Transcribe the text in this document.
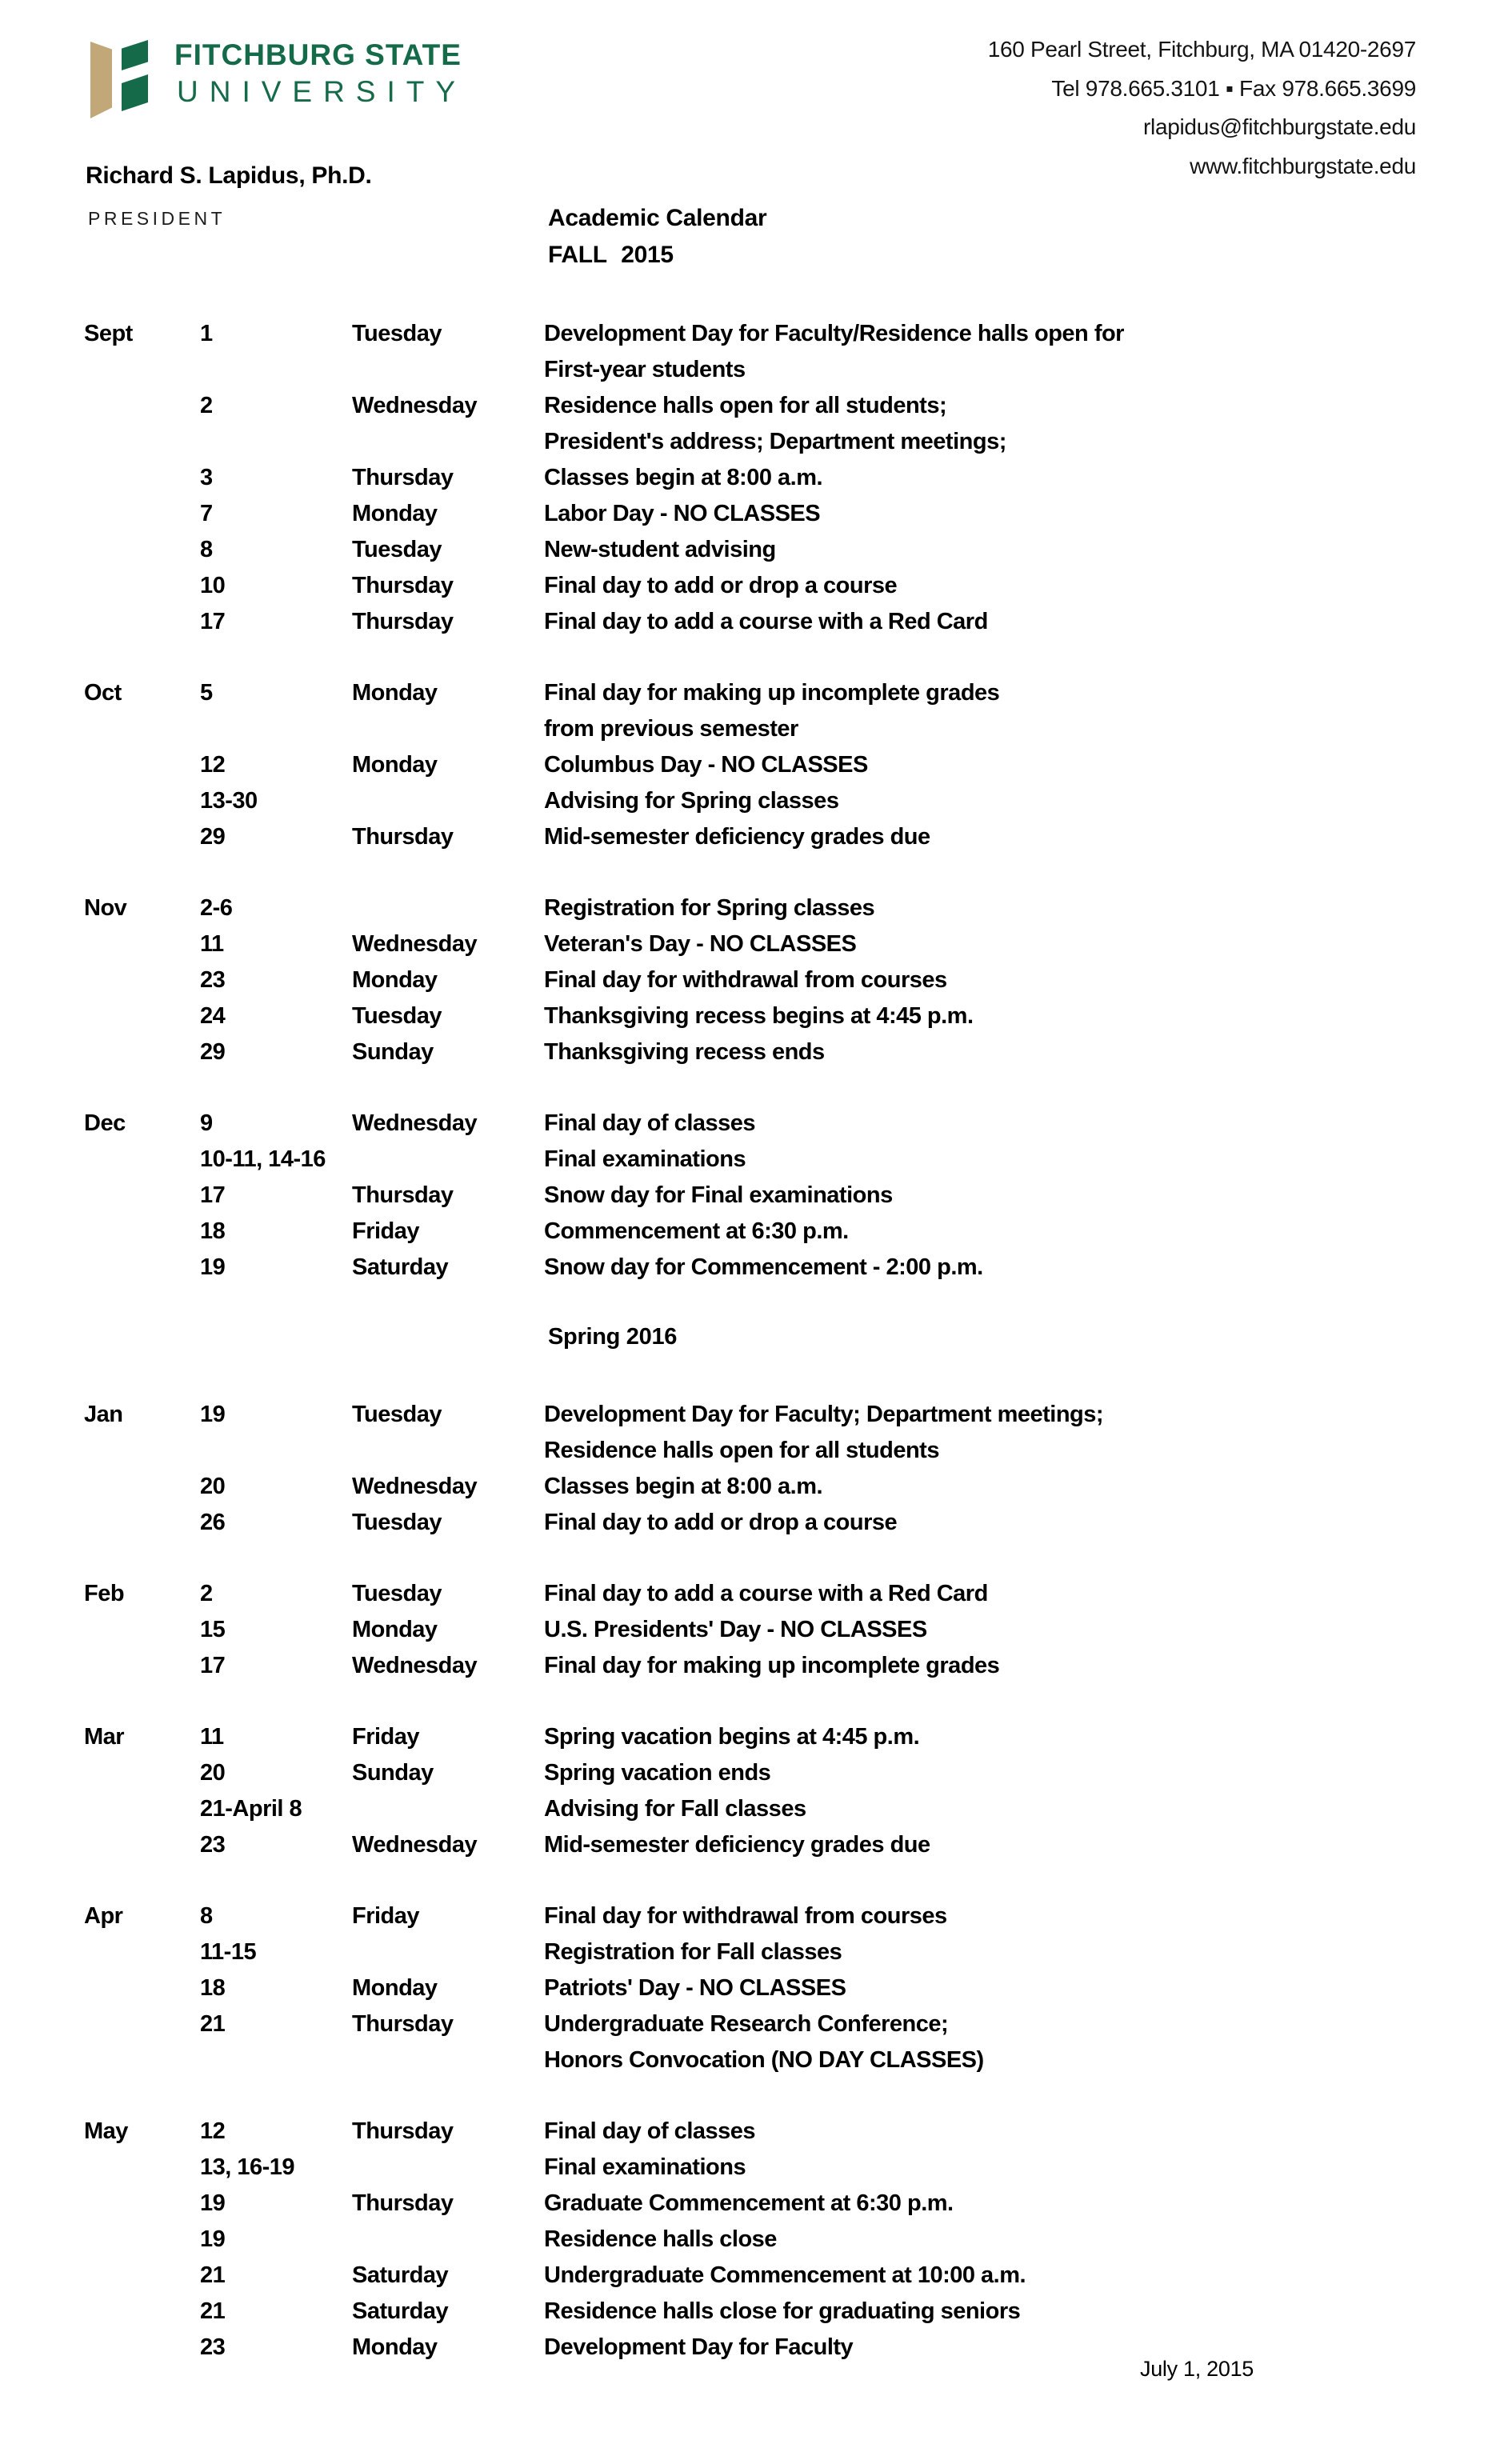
FITCHBURG STATE
UNIVERSITY
160 Pearl Street, Fitchburg, MA 01420-2697
Tel 978.665.3101 ▪ Fax 978.665.3699
rlapidus@fitchburgstate.edu
www.fitchburgstate.edu
Richard S. Lapidus, Ph.D.
PRESIDENT	Academic Calendar
FALL 2015
Sept	1	Tuesday	Development Day for Faculty/Residence halls open for
First-year students
2	Wednesday	Residence halls open for all students;
President's address; Department meetings;
3	Thursday	Classes begin at 8:00 a.m.
7	Monday	Labor Day - NO CLASSES
8	Tuesday	New-student advising
10	Thursday	Final day to add or drop a course
17	Thursday	Final day to add a course with a Red Card
Oct	5	Monday	Final day for making up incomplete grades
from previous semester
12	Monday	Columbus Day - NO CLASSES
13-30	Advising for Spring classes
29	Thursday	Mid-semester deficiency grades due
Nov	2-6	Registration for Spring classes
11	Wednesday	Veteran's Day - NO CLASSES
23	Monday	Final day for withdrawal from courses
24	Tuesday	Thanksgiving recess begins at 4:45 p.m.
29	Sunday	Thanksgiving recess ends
Dec	9	Wednesday	Final day of classes
10-11, 14-16	Final examinations
17	Thursday	Snow day for Final examinations
18	Friday	Commencement at 6:30 p.m.
19	Saturday	Snow day for Commencement - 2:00 p.m.
Spring 2016
Jan	19	Tuesday	Development Day for Faculty; Department meetings;
Residence halls open for all students
20	Wednesday	Classes begin at 8:00 a.m.
26	Tuesday	Final day to add or drop a course
Feb	2	Tuesday	Final day to add a course with a Red Card
15	Monday	U.S. Presidents' Day - NO CLASSES
17	Wednesday	Final day for making up incomplete grades
Mar	11	Friday	Spring vacation begins at 4:45 p.m.
20	Sunday	Spring vacation ends
21-April 8	Advising for Fall classes
23	Wednesday	Mid-semester deficiency grades due
Apr	8	Friday	Final day for withdrawal from courses
11-15	Registration for Fall classes
18	Monday	Patriots' Day - NO CLASSES
21	Thursday	Undergraduate Research Conference;
Honors Convocation (NO DAY CLASSES)
May	12	Thursday	Final day of classes
13, 16-19	Final examinations
19	Thursday	Graduate Commencement at 6:30 p.m.
19	Residence halls close
21	Saturday	Undergraduate Commencement at 10:00 a.m.
21	Saturday	Residence halls close for graduating seniors
23	Monday	Development Day for Faculty
July 1, 2015
